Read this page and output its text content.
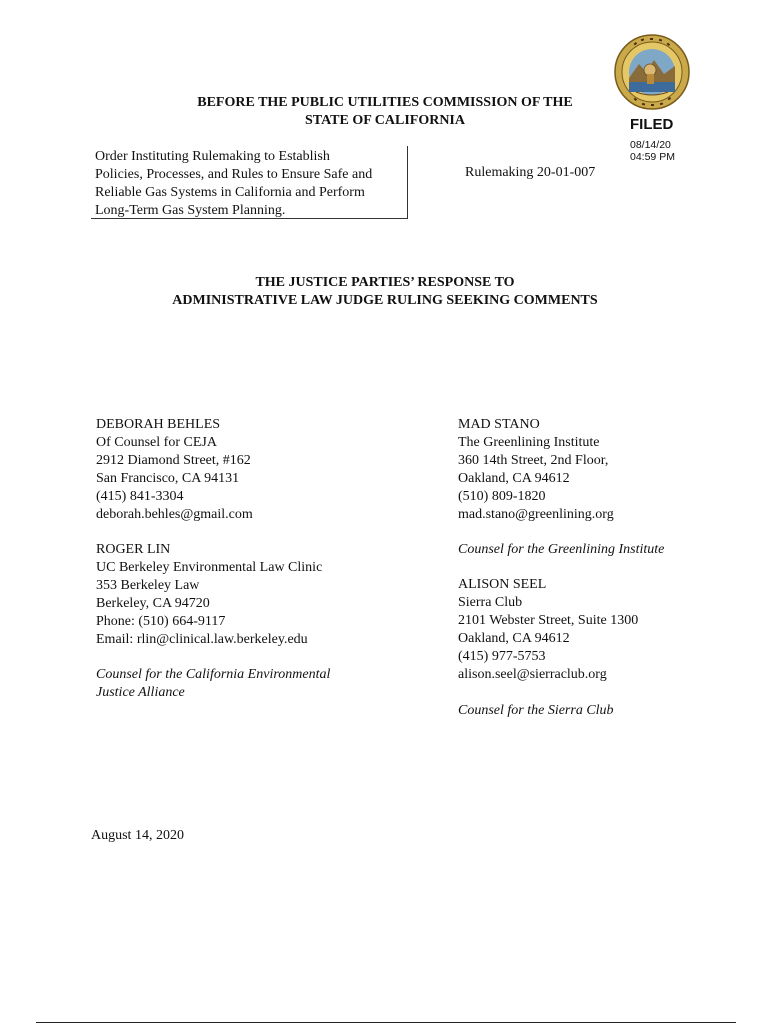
BEFORE THE PUBLIC UTILITIES COMMISSION OF THE
STATE OF CALIFORNIA	FILED
08/14/20
04:59 PM
Order Instituting Rulemaking to Establish
Policies, Processes, and Rules to Ensure Safe and
Reliable Gas Systems in California and Perform
Long-Term Gas System Planning.
Rulemaking 20-01-007
THE JUSTICE PARTIES’ RESPONSE TO
ADMINISTRATIVE LAW JUDGE RULING SEEKING COMMENTS
DEBORAH BEHLES
Of Counsel for CEJA
2912 Diamond Street, #162
San Francisco, CA 94131
(415) 841-3304
deborah.behles@gmail.com
ROGER LIN
UC Berkeley Environmental Law Clinic
353 Berkeley Law
Berkeley, CA 94720
Phone: (510) 664-9117
Email: rlin@clinical.law.berkeley.edu
Counsel for the California Environmental
Justice Alliance
MAD STANO
The Greenlining Institute
360 14th Street, 2nd Floor,
Oakland, CA 94612
(510) 809-1820
mad.stano@greenlining.org
Counsel for the Greenlining Institute
ALISON SEEL
Sierra Club
2101 Webster Street, Suite 1300
Oakland, CA 94612
(415) 977-5753
alison.seel@sierraclub.org
Counsel for the Sierra Club
August 14, 2020
